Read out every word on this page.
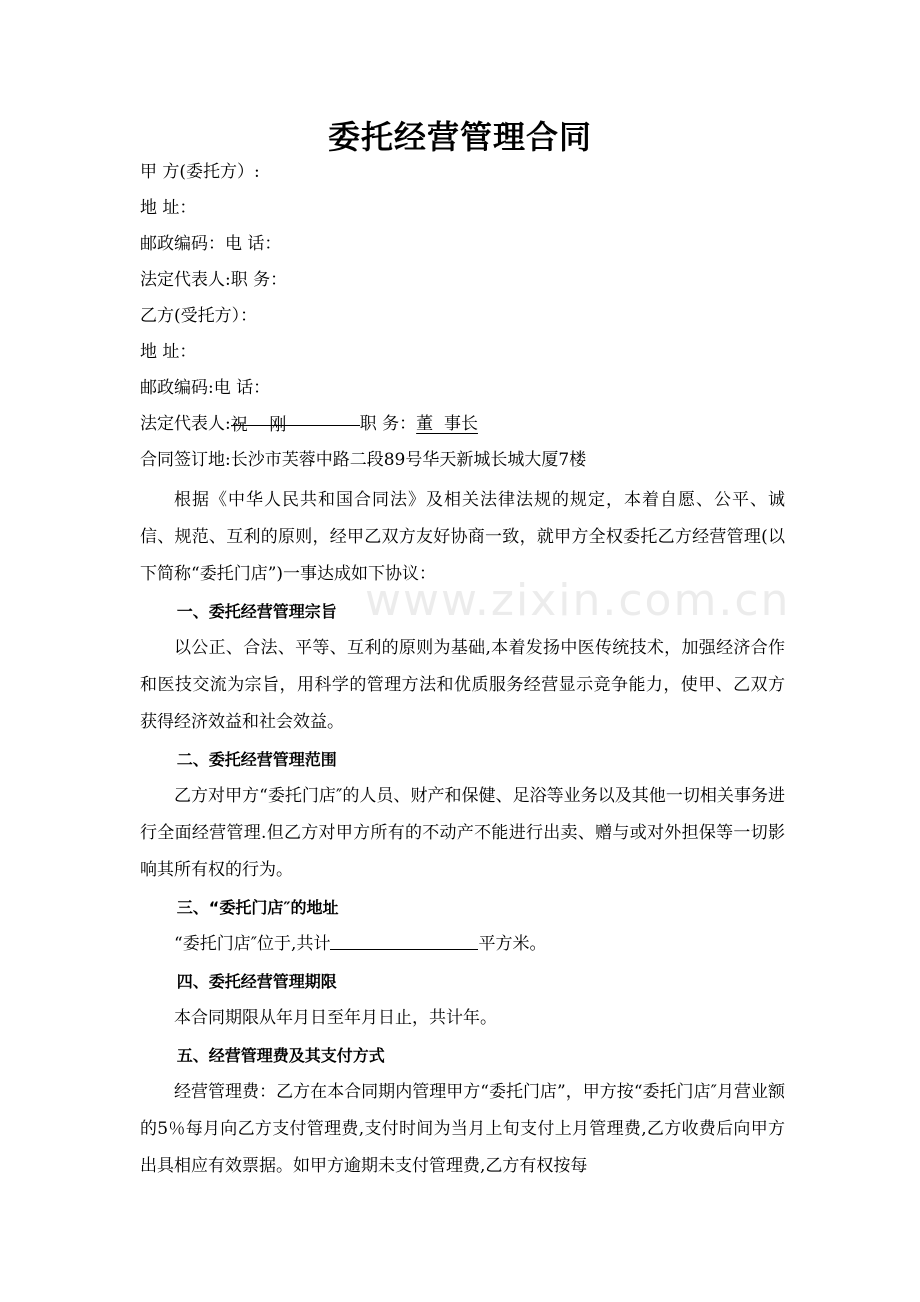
www.zixin.com.cn
委托经营管理合同
甲 方(委托方）:
地 址：
邮政编码：电 话：
法定代表人:职 务：
乙方(受托方）：
地 址：
邮政编码:电 话：
法定代表人:祝    刚	职 务：董  事长
合同签订地:长沙市芙蓉中路二段89号华天新城长城大厦7楼

根据《中华人民共和国合同法》及相关法律法规的规定，本着自愿、公平、诚信、规范、互利的原则，经甲乙双方友好协商一致，就甲方全权委托乙方经营管理(以下简称“委托门店”)一事达成如下协议：

一、委托经营管理宗旨

以公正、合法、平等、互利的原则为基础,本着发扬中医传统技术，加强经济合作和医技交流为宗旨，用科学的管理方法和优质服务经营显示竞争能力，使甲、乙双方获得经济效益和社会效益。

二、委托经营管理范围

乙方对甲方“委托门店″的人员、财产和保健、足浴等业务以及其他一切相关事务进行全面经营管理.但乙方对甲方所有的不动产不能进行出卖、赠与或对外担保等一切影响其所有权的行为。

三、“委托门店″的地址

“委托门店″位于,共计	平方米。

四、委托经营管理期限

本合同期限从年月日至年月日止，共计年。

五、经营管理费及其支付方式

经营管理费：乙方在本合同期内管理甲方“委托门店”，甲方按“委托门店″月营业额的5％每月向乙方支付管理费,支付时间为当月上旬支付上月管理费,乙方收费后向甲方出具相应有效票据。如甲方逾期未支付管理费,乙方有权按每
